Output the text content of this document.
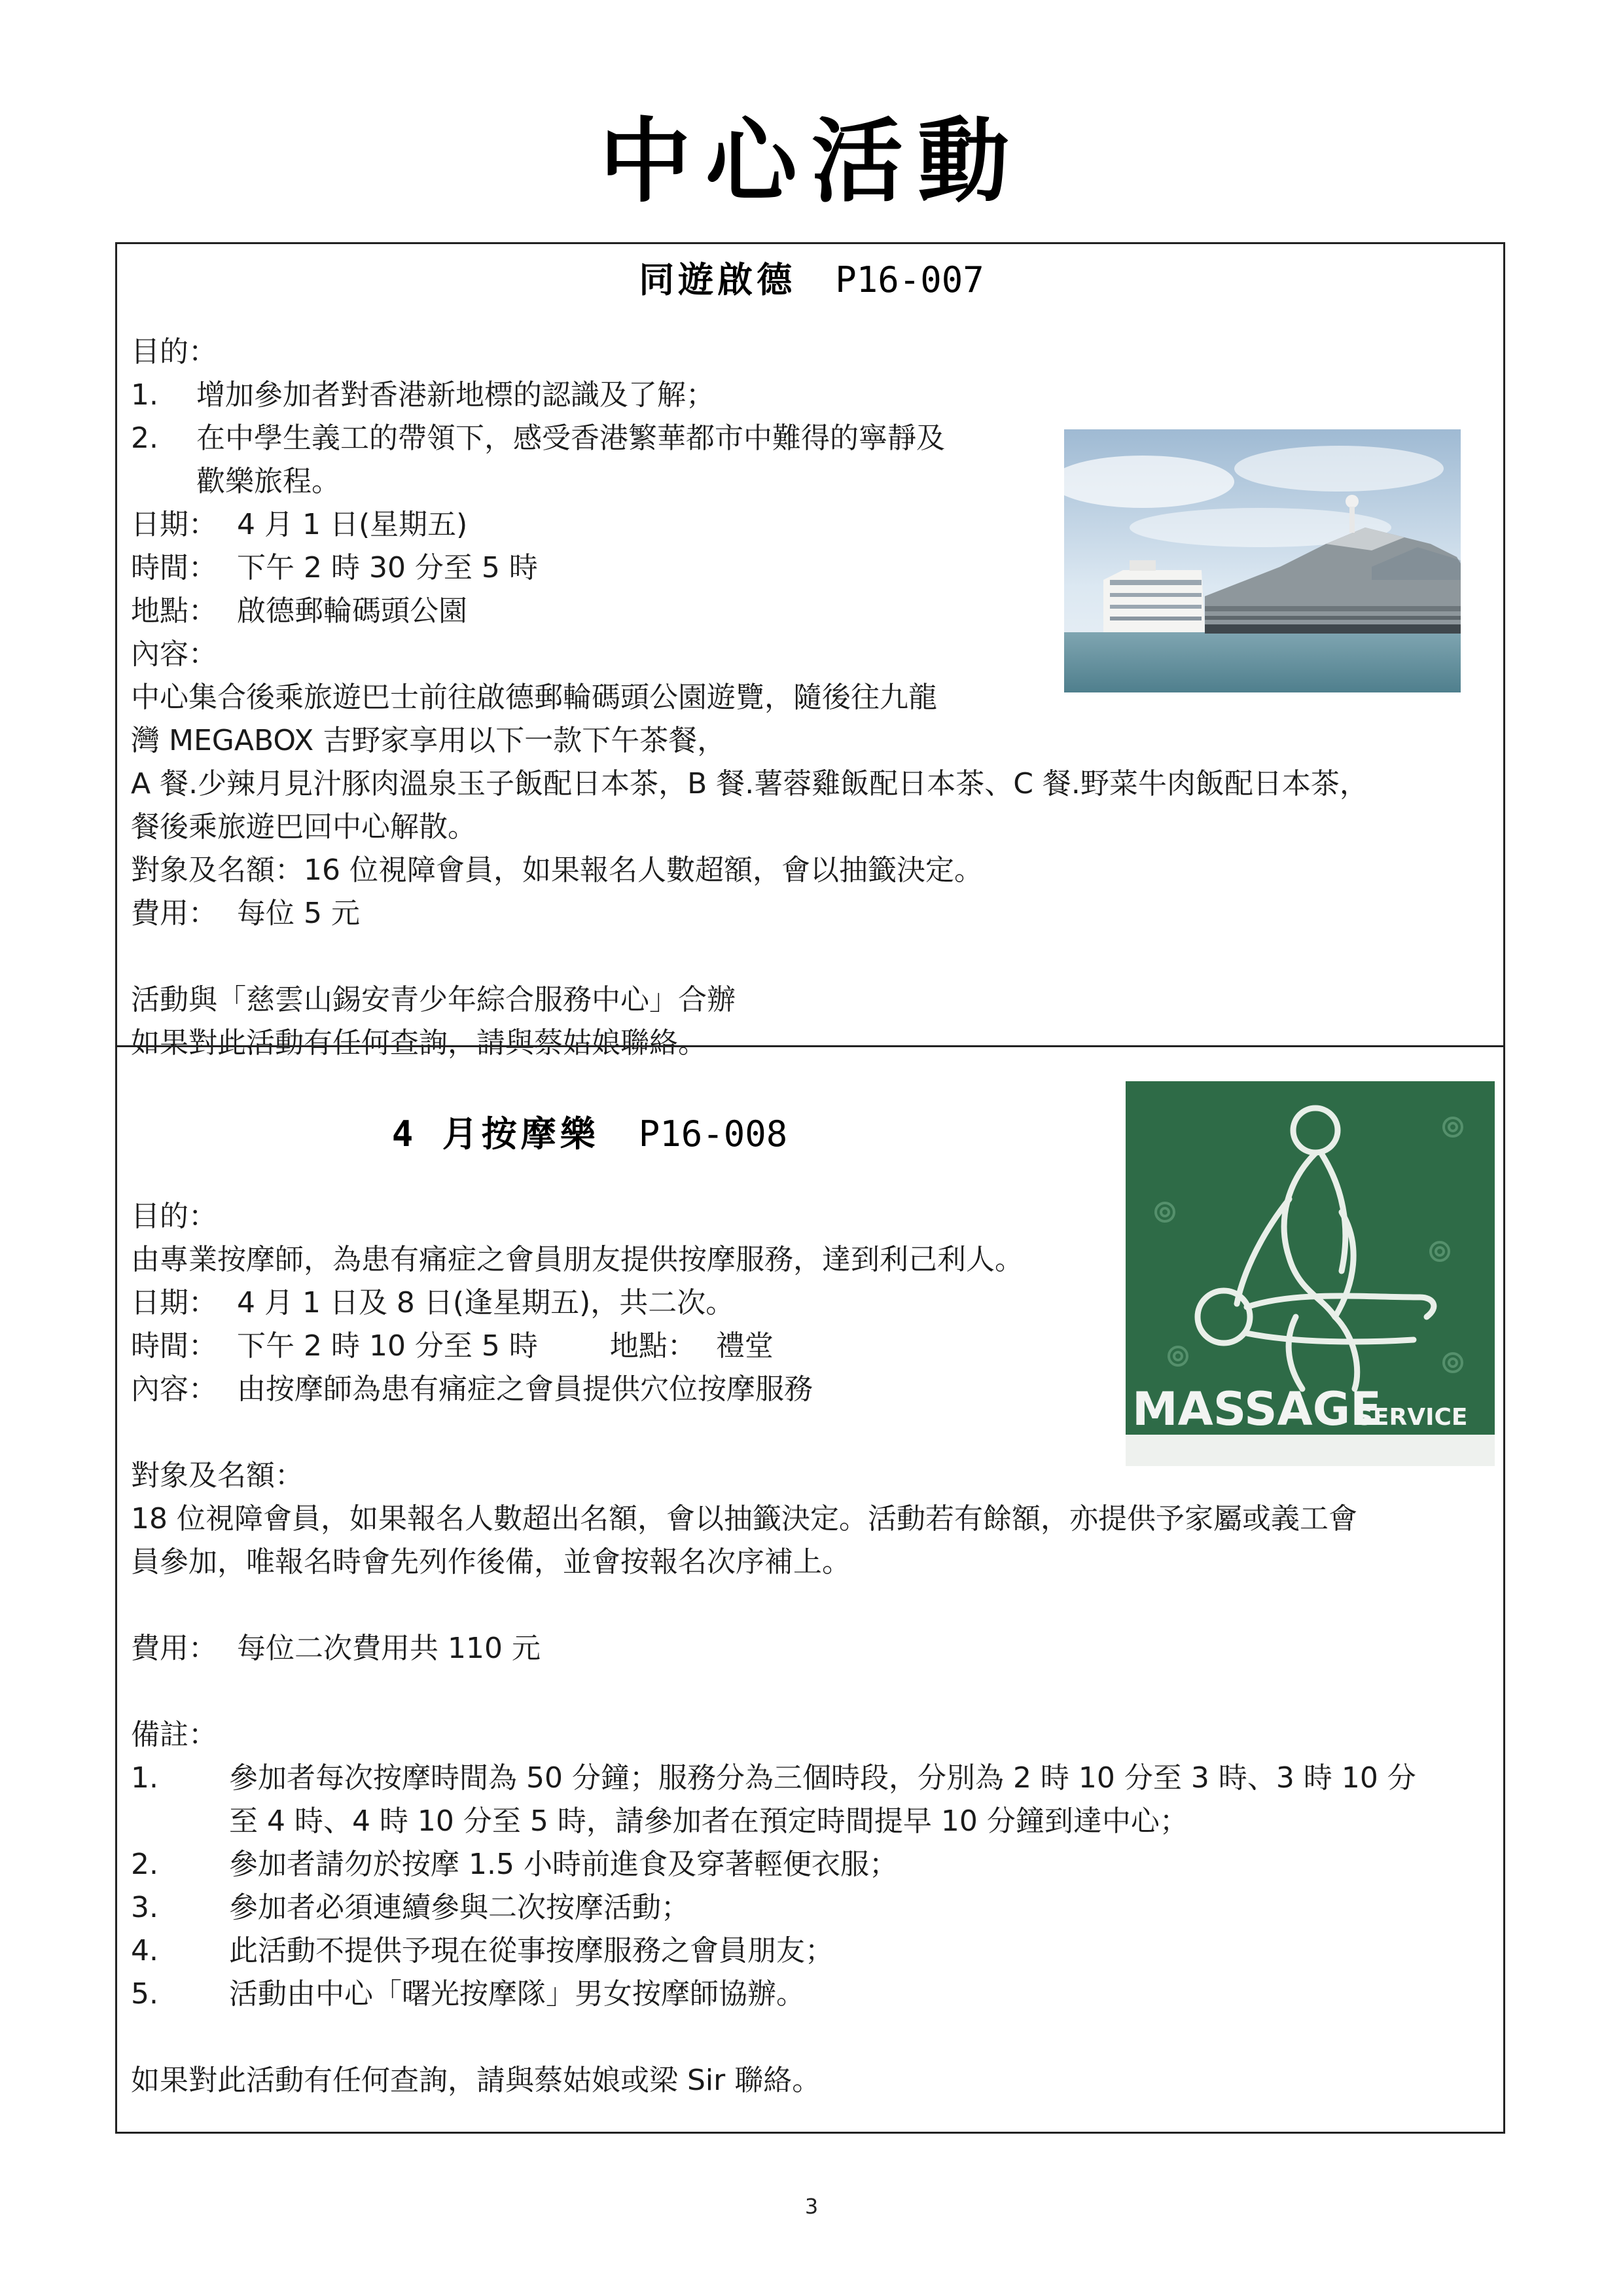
中心活動
同遊啟德 P16-007
目的：
1. 增加參加者對香港新地標的認識及了解；
2. 在中學生義工的帶領下，感受香港繁華都市中難得的寧靜及
歡樂旅程。
日期： 4 月 1 日(星期五)
時間： 下午 2 時 30 分至 5 時
地點： 啟德郵輪碼頭公園
內容：
中心集合後乘旅遊巴士前往啟德郵輪碼頭公園遊覽，隨後往九龍
灣 MEGABOX 吉野家享用以下一款下午茶餐，
A 餐.少辣月見汁豚肉溫泉玉子飯配日本茶，B 餐.薯蓉雞飯配日本茶、C 餐.野菜牛肉飯配日本茶，
餐後乘旅遊巴回中心解散。
對象及名額：16 位視障會員，如果報名人數超額，會以抽籤決定。
費用： 每位 5 元
活動與「慈雲山錫安青少年綜合服務中心」合辦
如果對此活動有任何查詢，請與蔡姑娘聯絡。
4 月按摩樂 P16-008
目的：
由專業按摩師，為患有痛症之會員朋友提供按摩服務，達到利己利人。
日期： 4 月 1 日及 8 日(逢星期五)，共二次。
時間： 下午 2 時 10 分至 5 時	地點： 禮堂
內容： 由按摩師為患有痛症之會員提供穴位按摩服務
對象及名額：
18 位視障會員，如果報名人數超出名額，會以抽籤決定。活動若有餘額，亦提供予家屬或義工會
員參加，唯報名時會先列作後備，並會按報名次序補上。
費用： 每位二次費用共 110 元
備註：
1. 參加者每次按摩時間為 50 分鐘；服務分為三個時段，分別為 2 時 10 分至 3 時、3 時 10 分
至 4 時、4 時 10 分至 5 時，請參加者在預定時間提早 10 分鐘到達中心；
2. 參加者請勿於按摩 1.5 小時前進食及穿著輕便衣服；
3. 參加者必須連續參與二次按摩活動；
4. 此活動不提供予現在從事按摩服務之會員朋友；
5. 活動由中心「曙光按摩隊」男女按摩師協辦。
如果對此活動有任何查詢，請與蔡姑娘或梁 Sir 聯絡。
MASSAGE
SERVICE
3
